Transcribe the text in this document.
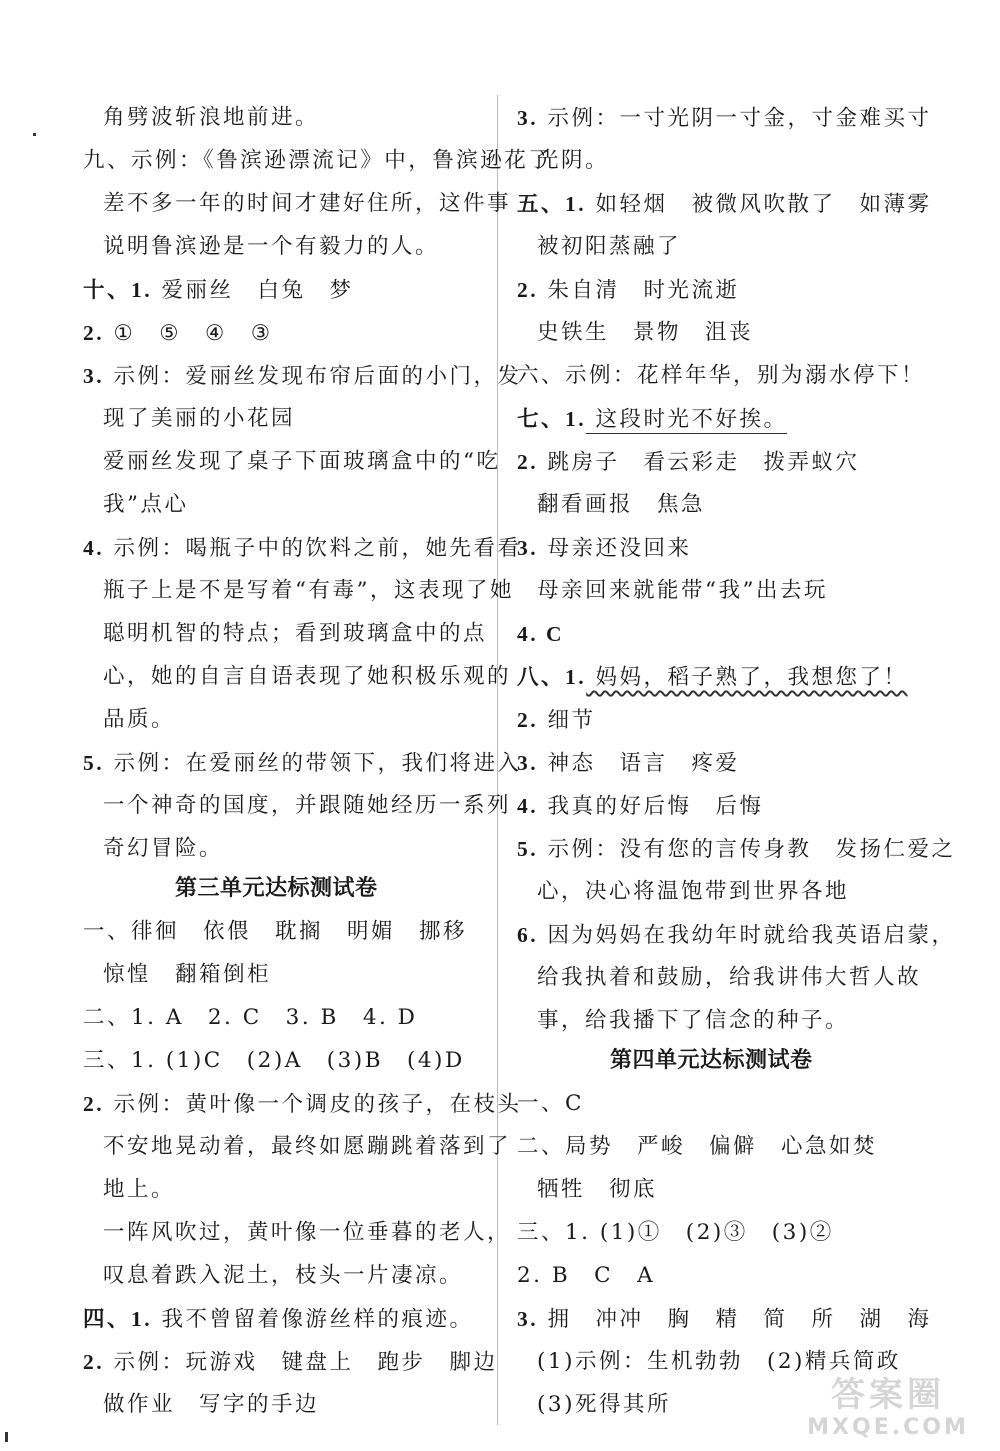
角劈波斩浪地前进。
九、示例：《鲁滨逊漂流记》中，鲁滨逊花了
差不多一年的时间才建好住所，这件事
说明鲁滨逊是一个有毅力的人。
十、1. 爱丽丝　白兔　梦
2. ①　⑤　④　③
3. 示例：爱丽丝发现布帘后面的小门，发
现了美丽的小花园
爱丽丝发现了桌子下面玻璃盒中的“吃
我”点心
4. 示例：喝瓶子中的饮料之前，她先看看
瓶子上是不是写着“有毒”，这表现了她
聪明机智的特点；看到玻璃盒中的点
心，她的自言自语表现了她积极乐观的
品质。
5. 示例：在爱丽丝的带领下，我们将进入
一个神奇的国度，并跟随她经历一系列
奇幻冒险。
第三单元达标测试卷
一、徘徊　依偎　耽搁　明媚　挪移
惊惶　翻箱倒柜
二、1. A　2. C　3. B　4. D
三、1. (1)C　(2)A　(3)B　(4)D
2. 示例：黄叶像一个调皮的孩子，在枝头
不安地晃动着，最终如愿蹦跳着落到了
地上。
一阵风吹过，黄叶像一位垂暮的老人，
叹息着跌入泥土，枝头一片凄凉。
四、1. 我不曾留着像游丝样的痕迹。
2. 示例：玩游戏　键盘上　跑步　脚边
做作业　写字的手边
3. 示例：一寸光阴一寸金，寸金难买寸
光阴。
五、1. 如轻烟　被微风吹散了　如薄雾
被初阳蒸融了
2. 朱自清　时光流逝
史铁生　景物　沮丧
六、示例：花样年华，别为溺水停下！
七、1. 这段时光不好挨。
2. 跳房子　看云彩走　拨弄蚁穴
翻看画报　焦急
3. 母亲还没回来
母亲回来就能带“我”出去玩
4. C
八、1. 妈妈，稻子熟了，我想您了！
2. 细节
3. 神态　语言　疼爱
4. 我真的好后悔　后悔
5. 示例：没有您的言传身教　发扬仁爱之
心，决心将温饱带到世界各地
6. 因为妈妈在我幼年时就给我英语启蒙，
给我执着和鼓励，给我讲伟大哲人故
事，给我播下了信念的种子。
第四单元达标测试卷
一、C
二、局势　严峻　偏僻　心急如焚
牺牲　彻底
三、1. (1)①　(2)③　(3)②
2. B　C　A
3. 拥　冲冲　胸　精　简　所　湖　海
(1)示例：生机勃勃　(2)精兵简政
(3)死得其所	答案圈
MXQE.COM
